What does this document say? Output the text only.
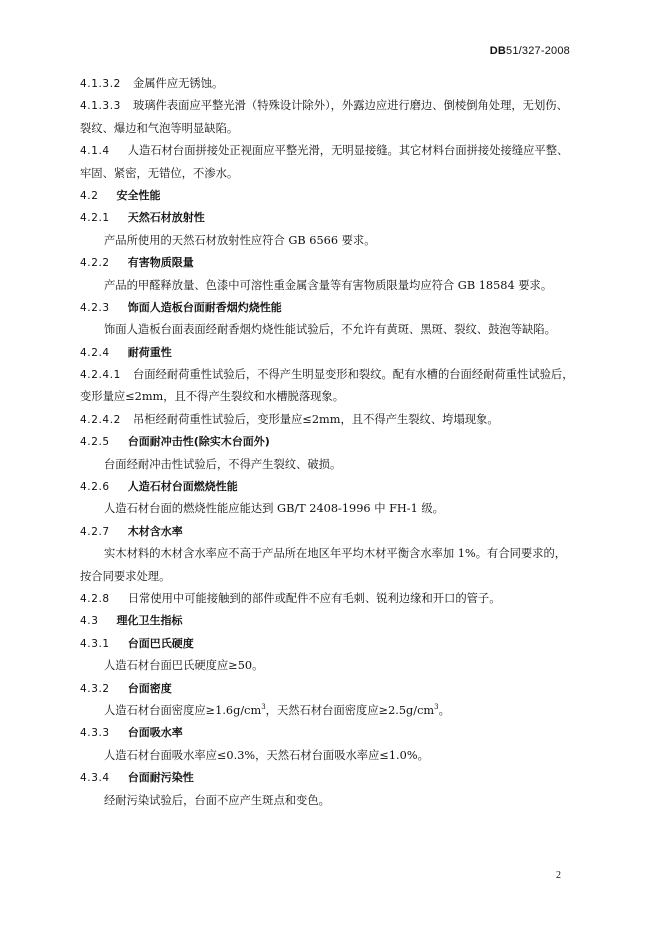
DB51/327-2008
4.1.3.2 金属件应无锈蚀。
4.1.3.3 玻璃件表面应平整光滑（特殊设计除外），外露边应进行磨边、倒棱倒角处理，无划伤、
裂纹、爆边和气泡等明显缺陷。
4.1.4 人造石材台面拼接处正视面应平整光滑，无明显接缝。其它材料台面拼接处接缝应平整、
牢固、紧密，无错位，不渗水。
4.2 安全性能
4.2.1 天然石材放射性
产品所使用的天然石材放射性应符合 GB 6566 要求。
4.2.2 有害物质限量
产品的甲醛释放量、色漆中可溶性重金属含量等有害物质限量均应符合 GB 18584 要求。
4.2.3 饰面人造板台面耐香烟灼烧性能
饰面人造板台面表面经耐香烟灼烧性能试验后，不允许有黄斑、黑斑、裂纹、鼓泡等缺陷。
4.2.4 耐荷重性
4.2.4.1 台面经耐荷重性试验后，不得产生明显变形和裂纹。配有水槽的台面经耐荷重性试验后，
变形量应≤2mm，且不得产生裂纹和水槽脱落现象。
4.2.4.2 吊柜经耐荷重性试验后，变形量应≤2mm，且不得产生裂纹、垮塌现象。
4.2.5 台面耐冲击性(除实木台面外)
台面经耐冲击性试验后，不得产生裂纹、破损。
4.2.6 人造石材台面燃烧性能
人造石材台面的燃烧性能应能达到 GB/T 2408-1996 中 FH-1 级。
4.2.7 木材含水率
实木材料的木材含水率应不高于产品所在地区年平均木材平衡含水率加 1%。有合同要求的，
按合同要求处理。
4.2.8 日常使用中可能接触到的部件或配件不应有毛刺、锐利边缘和开口的管子。
4.3 理化卫生指标
4.3.1 台面巴氏硬度
人造石材台面巴氏硬度应≥50。
4.3.2 台面密度
人造石材台面密度应$\ge 1.6g/cm^3$，天然石材台面密度应$\ge 2.5g/cm^3$。
4.3.3 台面吸水率
人造石材台面吸水率应≤0.3%，天然石材台面吸水率应≤1.0%。
4.3.4 台面耐污染性
经耐污染试验后，台面不应产生斑点和变色。
2
